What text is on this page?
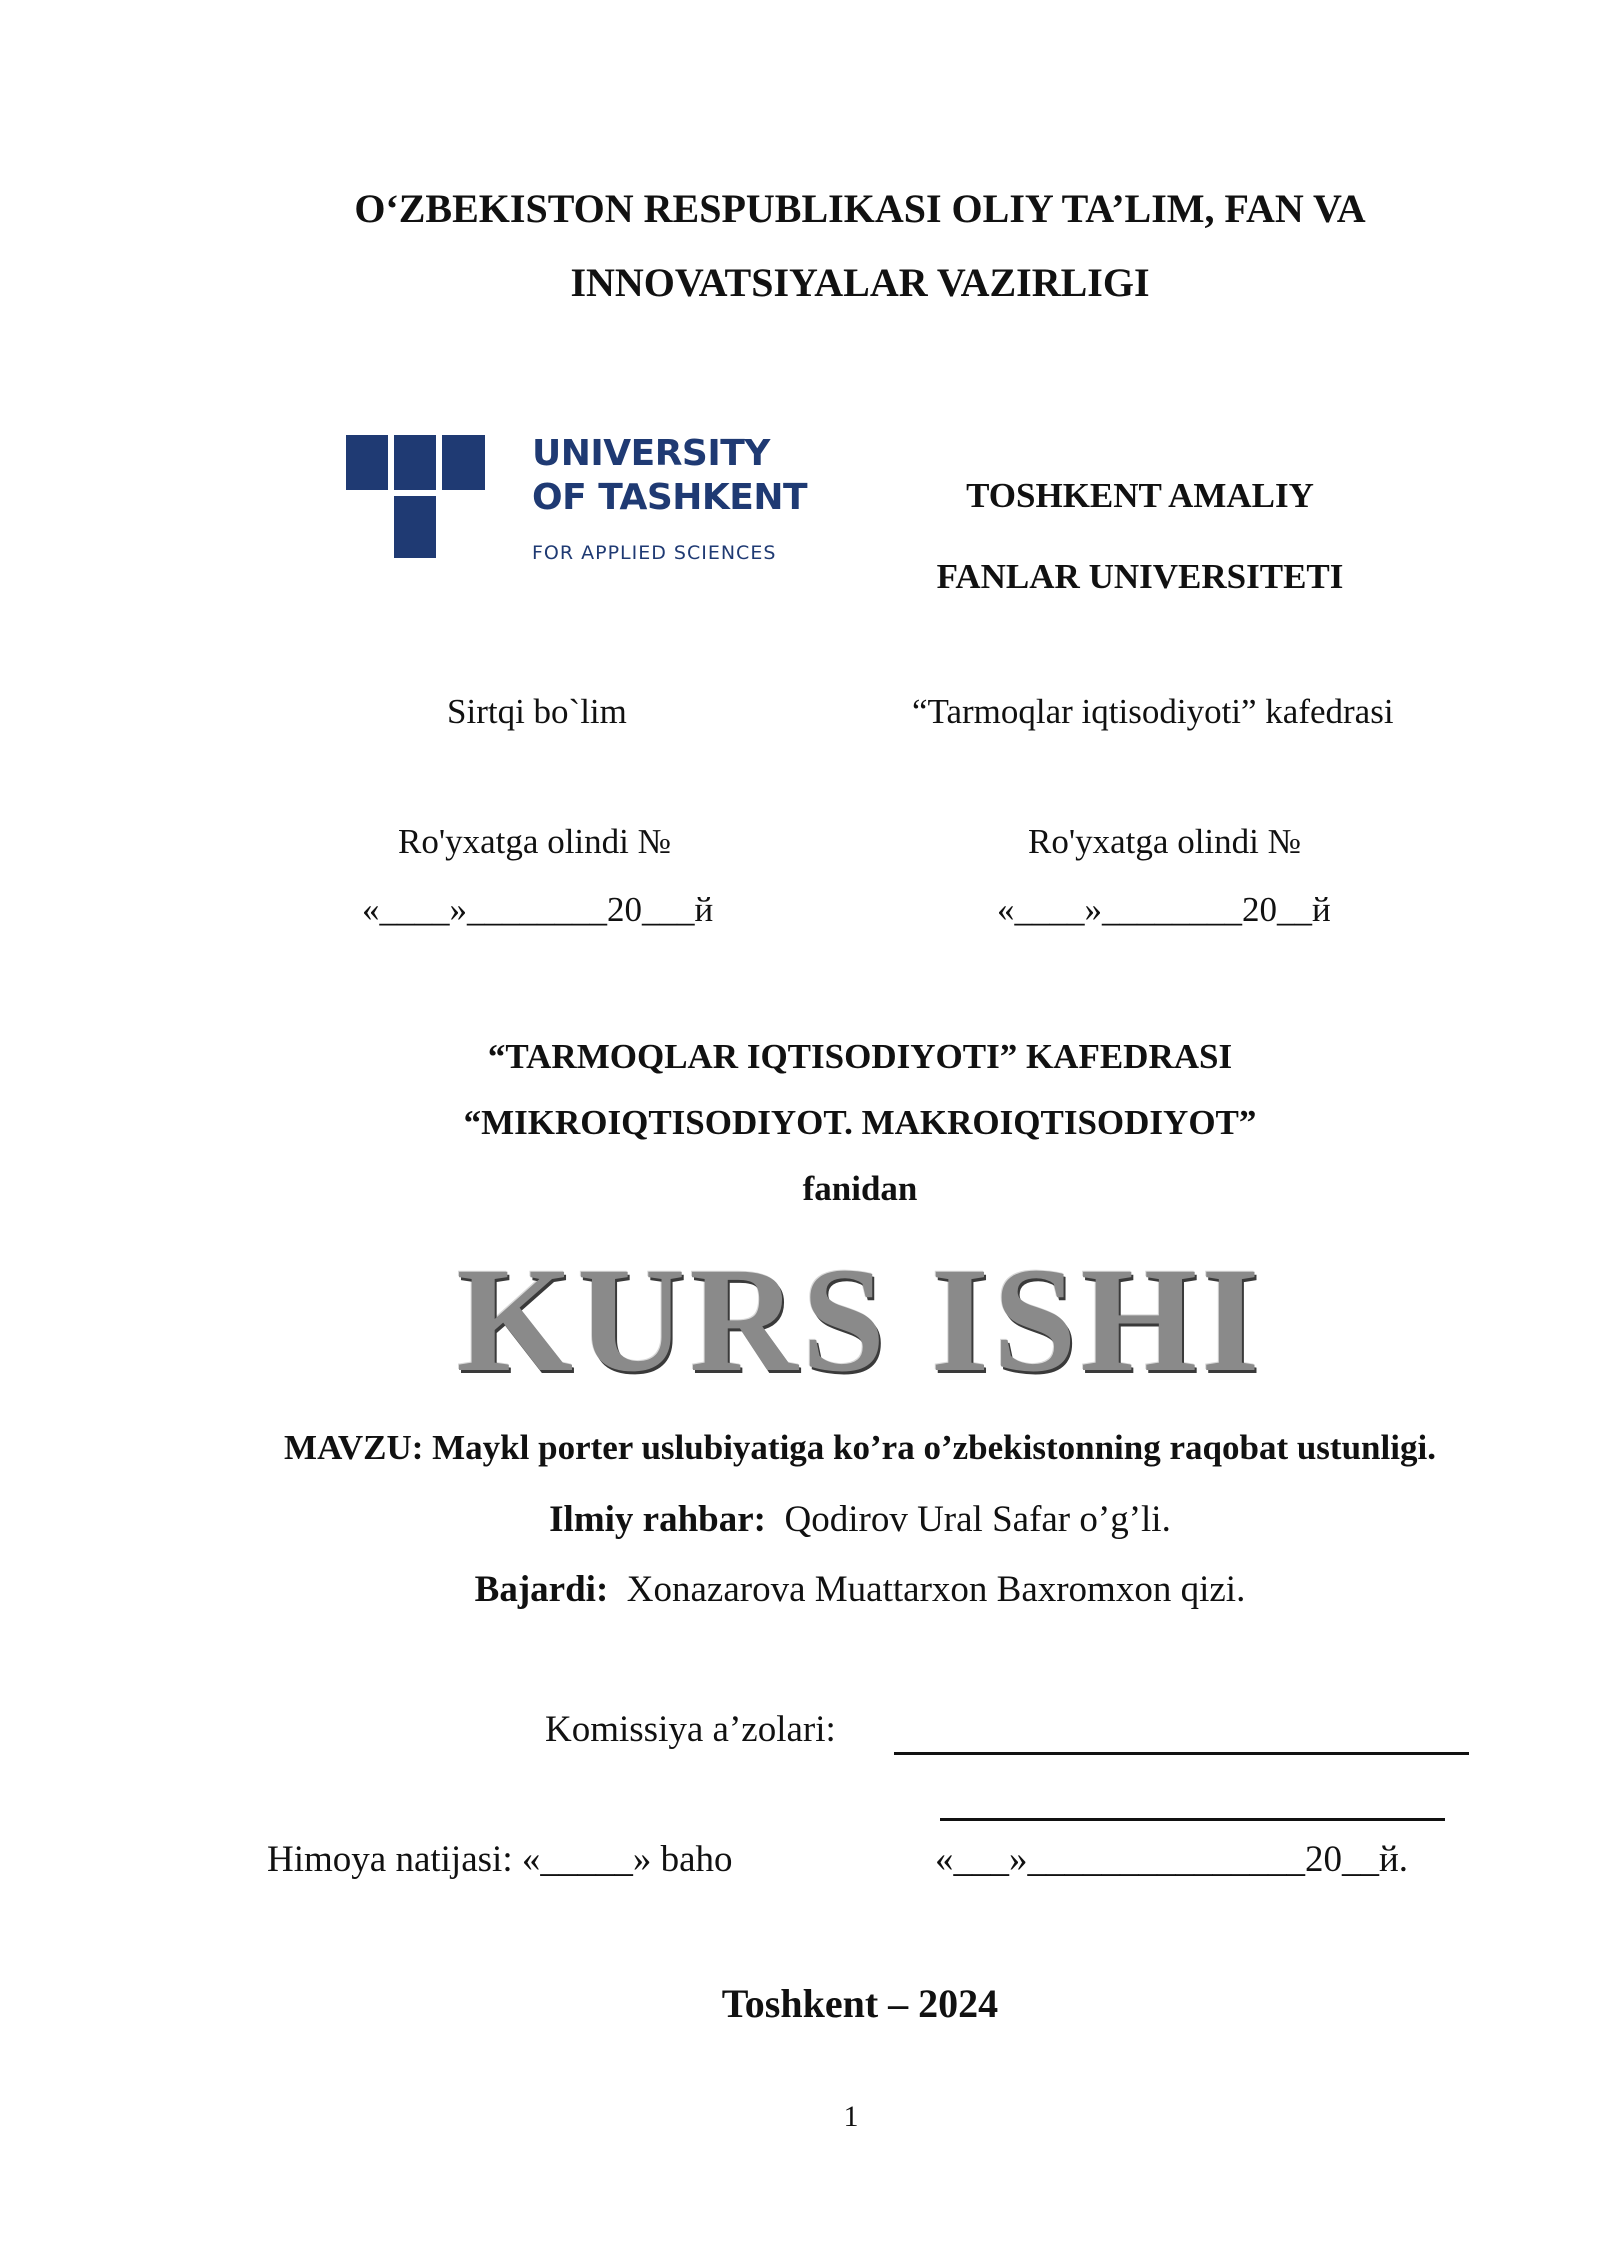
O‘ZBEKISTON RESPUBLIKASI OLIY TA’LIM, FAN VA
INNOVATSIYALAR VAZIRLIGI
UNIVERSITY
OF TASHKENT
FOR APPLIED SCIENCES
TOSHKENT AMALIY
FANLAR UNIVERSITETI
Sirtqi bo`lim	“Tarmoqlar iqtisodiyoti” kafedrasi
Ro'yxatga olindi №
«____»________20___й
Ro'yxatga olindi №
«____»________20__й
“TARMOQLAR IQTISODIYOTI” KAFEDRASI
“MIKROIQTISODIYOT. MAKROIQTISODIYOT”
fanidan
KURS ISHI
MAVZU: Maykl porter uslubiyatiga ko’ra o’zbekistonning raqobat ustunligi.
Ilmiy rahbar: Qodirov Ural Safar o’g’li.
Bajardi: Xonazarova Muattarxon Baxromxon qizi.
Komissiya a’zolari:
Himoya natijasi: «_____» baho	«___»_______________20__й.
Toshkent – 2024
1
